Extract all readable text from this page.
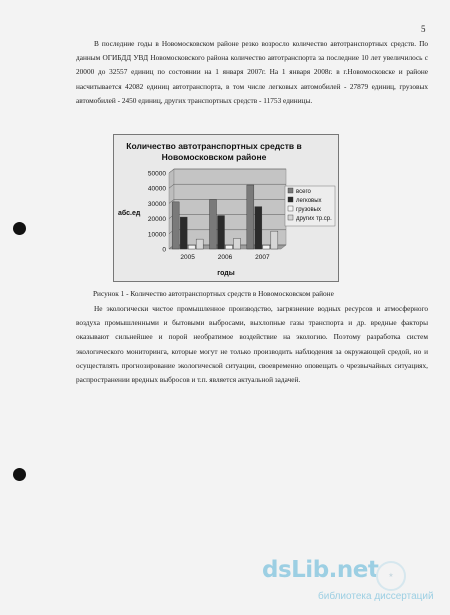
5

В последние годы в Новомосковском районе резко возросло количество автотранспортных средств. По данным ОГИБДД УВД Новомосковского района количество автотранспорта за последние 10 лет увеличилось с 20000 до 32557 единиц по состоянии на 1 января 2007г. На 1 января 2008г. в г.Новомосковске и районе насчитывается 42082 единиц автотранспорта, в том числе легковых автомобилей - 27879 единиц, грузовых автомобилей - 2450 единиц, других транспортных средств - 11753 единицы.

Количество автотранспортных средств в
Новомосковском районе
абс.ед
годы
0
10000
20000
30000
40000
50000
2005	2006	2007
всего
легковых
грузовых
других тр.ср.
Рисунок 1 - Количество автотранспортных средств в Новомосковском районе

Не экологически чистое промышленное производство, загрязнение водных ресурсов и атмосферного воздуха промышленными и бытовыми выбросами, выхлопные газы транспорта и др. вредные факторы оказывают сильнейшее и порой необратимое воздействие на экологию. Поэтому разработка систем экологического мониторинга, которые могут не только производить наблюдения за окружающей средой, но и осуществлять прогнозирование экологической ситуации, своевременно оповещать о чрезвычайных ситуациях, распространении вредных выбросов и т.п. является актуальной задачей.

dsLib.net	★
библиотека диссертаций
